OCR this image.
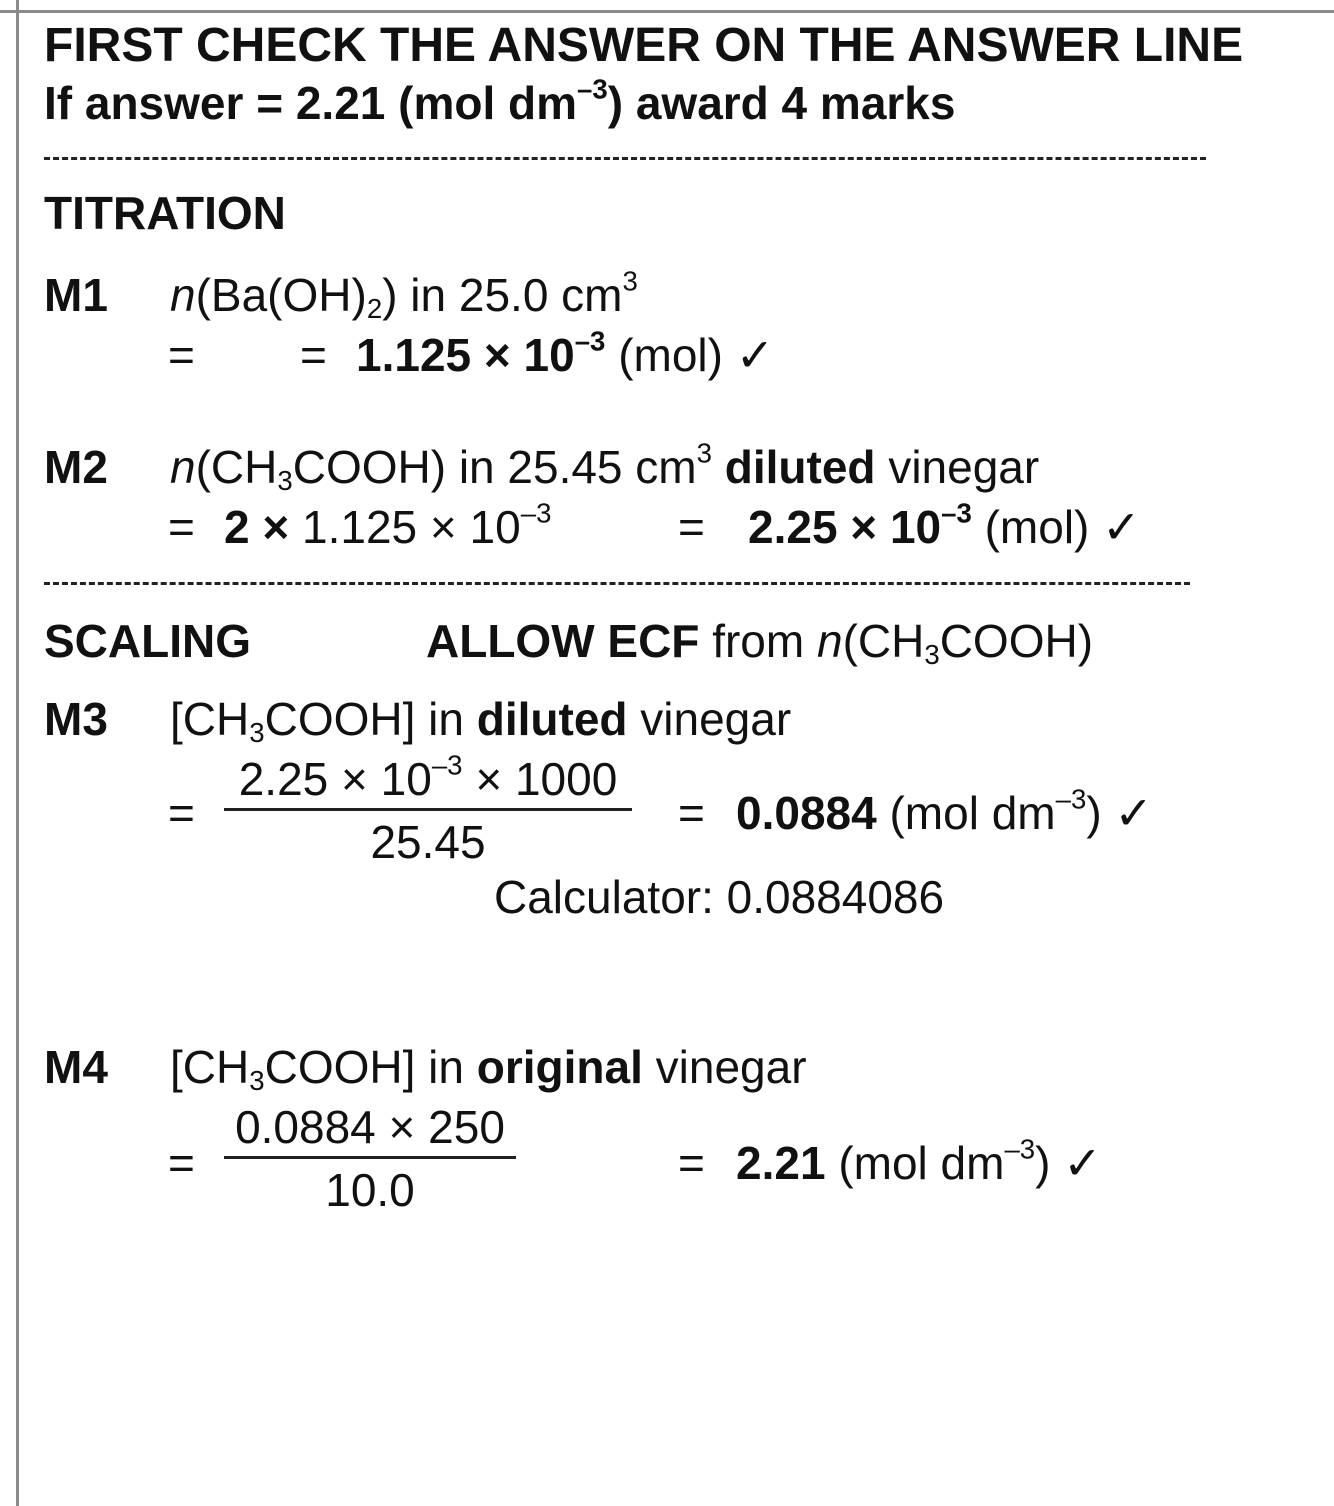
FIRST CHECK THE ANSWER ON THE ANSWER LINE
If answer = 2.21 (mol $dm^{-3}$) award 4 marks
TITRATION
M1 $n(Ba(OH)_2)$ in 25.0 $cm^3$
= = $1.125 \times 10^{-3}$ (mol) ✓
M2 $n(CH_3COOH)$ in 25.45 $cm^3$ diluted vinegar
= $2 \times 1.125 \times 10^{-3}$	= $2.25 \times 10^{-3}$ (mol) ✓
SCALING	ALLOW ECF from $n(CH_3COOH)$
M3 $[CH_3COOH]$ in diluted vinegar
= $\frac{2.25 \times 10^{-3} \times 1000}{25.45} = 0.0884$ (mol $dm^{-3}$) ✓
Calculator: 0.0884086
M4 $[CH_3COOH]$ in original vinegar
= $\frac{0.0884 \times 250}{10.0}$	= 2.21 (mol $dm^{-3}$) ✓
